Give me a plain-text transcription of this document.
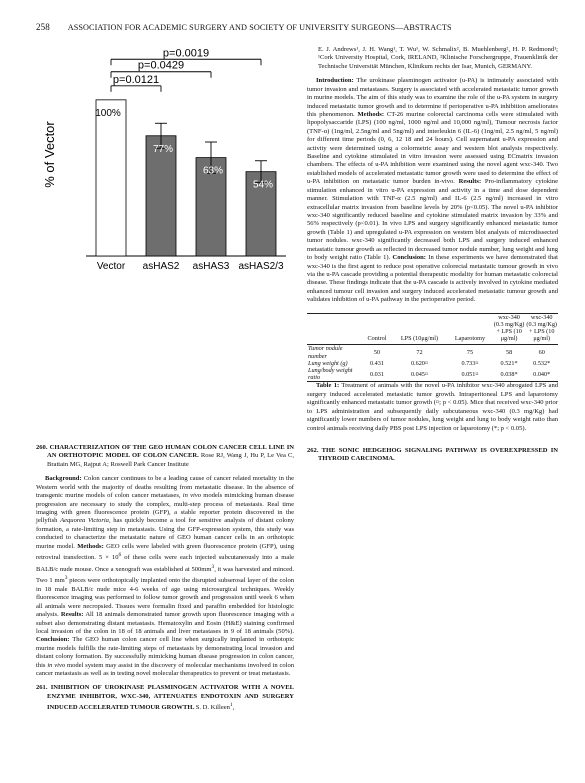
258 ASSOCIATION FOR ACADEMIC SURGERY AND SOCIETY OF UNIVERSITY SURGEONS—ABSTRACTS
% of Vector
100%
Vector
77%
asHAS2
63%
asHAS3
54%
asHAS2/3
p=0.0121
p=0.0429
p=0.0019

260. CHARACTERIZATION OF THE GEO HUMAN COLON CANCER CELL LINE IN AN ORTHOTOPIC MODEL OF COLON CANCER. Rose RJ, Wang J, Hu P, Le Vea C, Brattain MG, Rajput A; Roswell Park Cancer Institute

Background: Colon cancer continues to be a leading cause of cancer related mortality in the Western world with the majority of deaths resulting from metastatic disease. In the absence of transgenic murine models of colon cancer metastases, in vivo models mimicking human disease progression are necessary to study the complex, multi-step process of metastasis. Real time imaging with green fluorescence protein (GFP), a stable reporter protein discovered in the jellyfish Aequorea Victoria, has quickly become a tool for sensitive analysis of distant colony formation, a rate-limiting step in metastasis. Using the GFP-expression system, this study was conducted to characterize the metastatic nature of GEO human cancer cells in an orthotopic murine model. Methods: GEO cells were labeled with green fluorescence protein (GFP), using retroviral transfection. $5 \times 10^6$ of these cells were each injected subcutaneously into a male BALB/c nude mouse. Once a xenograft was established at $500mm^3$, it was harvested and minced. Two 1 $mm^3$ pieces were orthotopically implanted onto the disrupted subserosal layer of the colon in 18 male BALB/c nude mice 4-6 weeks of age using microsurgical techniques. Weekly fluorescence imaging was performed to follow tumor growth and progression until week 6 when all animals were necropsied. Tissues were formalin fixed and paraffin embedded for histologic analysis. Results: All 18 animals demonstrated tumor growth upon fluorescence imaging with a subset also demonstrating distant metastasis. Hematoxylin and Eosin (H&E) staining confirmed local invasion of the colon in 18 of 18 animals and liver metastases in 9 of 18 animals (50%). Conclusion: The GEO human colon cancer cell line when surgically implanted in orthotopic murine models fulfills the rate-limiting steps of metastasis by demonstrating local invasion and distant colony formation. By successfully mimicking human disease progression in colon cancer, this in vivo model system may assist in the discovery of molecular mechanisms involved in colon cancer metastasis as well as in testing novel molecular therapeutics to prevent or treat metastasis.

261. INHIBITION OF UROKINASE PLASMINOGEN ACTIVATOR WITH A NOVEL ENZYME INHIBITOR, WXC-340, ATTENUATES ENDOTOXIN AND SURGERY INDUCED ACCELERATED TUMOUR GROWTH. S. D. Killeen$^1$,

E. J. Andrews¹, J. H. Wang¹, T. Wu¹, W. Schmalix², B. Muehlenberg², H. P. Redmond¹; ¹Cork University Hospital, Cork, IRELAND, ²Klinische Forschergruppe, Frauenklinik der Technische Universität München, Klinikum rechts der Isar, Munich, GERMANY.

Introduction: The urokinase plasminogen activator (u-PA) is intimately associated with tumor invasion and metastases. Surgery is associated with accelerated metastatic tumor growth in murine models. The aim of this study was to examine the role of the u-PA system in surgery induced metastatic tumor growth and to determine if perioperative u-PA inhibition ameliorates this phenomenon. Methods: CT-26 murine colorectal carcinoma cells were stimulated with lipopolysaccaride (LPS) (100 ng/ml, 1000 ng/ml and 10,000 ng/ml), Tumour necrosis factor (TNF-α) (1ng/ml, 2.5ng/ml and 5ng/ml) and interleukin 6 (IL-6) (1ng/ml, 2.5 ng/ml, 5 ng/ml) for different time periods (0, 6, 12 18 and 24 hours). Cell supernatant u-PA expression and activity were determined using a colormetric assay and western blot analysis respectively. Baseline and cytokine stimulated in vitro invasion were assessed using ECmatrix invasion chambers. The effects of u-PA inhibition were examined using the novel agent wxc-340. Two established models of accelerated metastatic tumor growth were used to determine the effect of u-PA inhibition on metastatic tumor burden in-vivo. Results: Pro-inflammatory cytokine stimulation enhanced in vitro u-PA expression and activity in a time and dose dependent manner. Stimulation with TNF-α (2.5 ng/ml) and IL-6 (2.5 ng/ml) increased in vitro extracellular matrix invasion from baseline levels by 20% (p<0.05). The novel u-PA inhibitor wxc-340 significantly reduced baseline and cytokine stimulated matrix invasion by 33% and 56% respectively (p<0.01). In vivo LPS and surgery significantly enhanced metastatic tumor growth (Table 1) and upregulated u-PA expression on western blot analysis of microdissected tumor nodules. wxc-340 significantly decreased both LPS and surgery induced enhanced metastatic tumour growth as reflected in decreased tumor nodule number, lung weight and lung to body weight ratio (Table 1). Conclusion: In these experiments we have demonstrated that wxc-340 is the first agent to reduce post operative colorectal metastatic tumour growth in vivo via the u-PA cascade providing a potential therapeutic modality for human metastatic colorectal disease. These findings indicate that the u-PA cascade is actively involved in cytokine mediated enhanced tumour cell invasion and surgery induced accelerated metastatic tumour growth and validates inhibition of u-PA pathway in the perioperative period.

	Control	LPS (10μg/ml)	Laparotomy	wxc-340 (0.3 mg/Kg) + LPS (10 μg/ml)	wxc-340 (0.3 mg/Kg) + LPS (10 μg/ml)
Tumor nodule number	50	72	75	58	60
Lung weight (g)	0.431	0.620¤	0.733¤	0.521*	0.532*
Lung/body weight ratio	0.031	0.045¤	0.051¤	0.038*	0.040*

Table 1: Treatment of animals with the novel u-PA inhibitor wxc-340 abrogated LPS and surgery induced accelerated metastatic tumor growth. Intraperitoneal LPS and laparotomy significantly enhanced metastatic tumor growth (¤; p < 0.05). Mice that received wxc-340 prior to LPS administration and subsequently daily subcutaneous wxc-340 (0.3 mg/Kg) had significantly lower numbers of tumor nodules, lung weight and lung to body weight ratio than control animals receiving daily PBS post LPS injection or laparotomy (*; p < 0.05).

262. THE SONIC HEDGEHOG SIGNALING PATHWAY IS OVEREXPRESSED IN THYROID CARCINOMA.
